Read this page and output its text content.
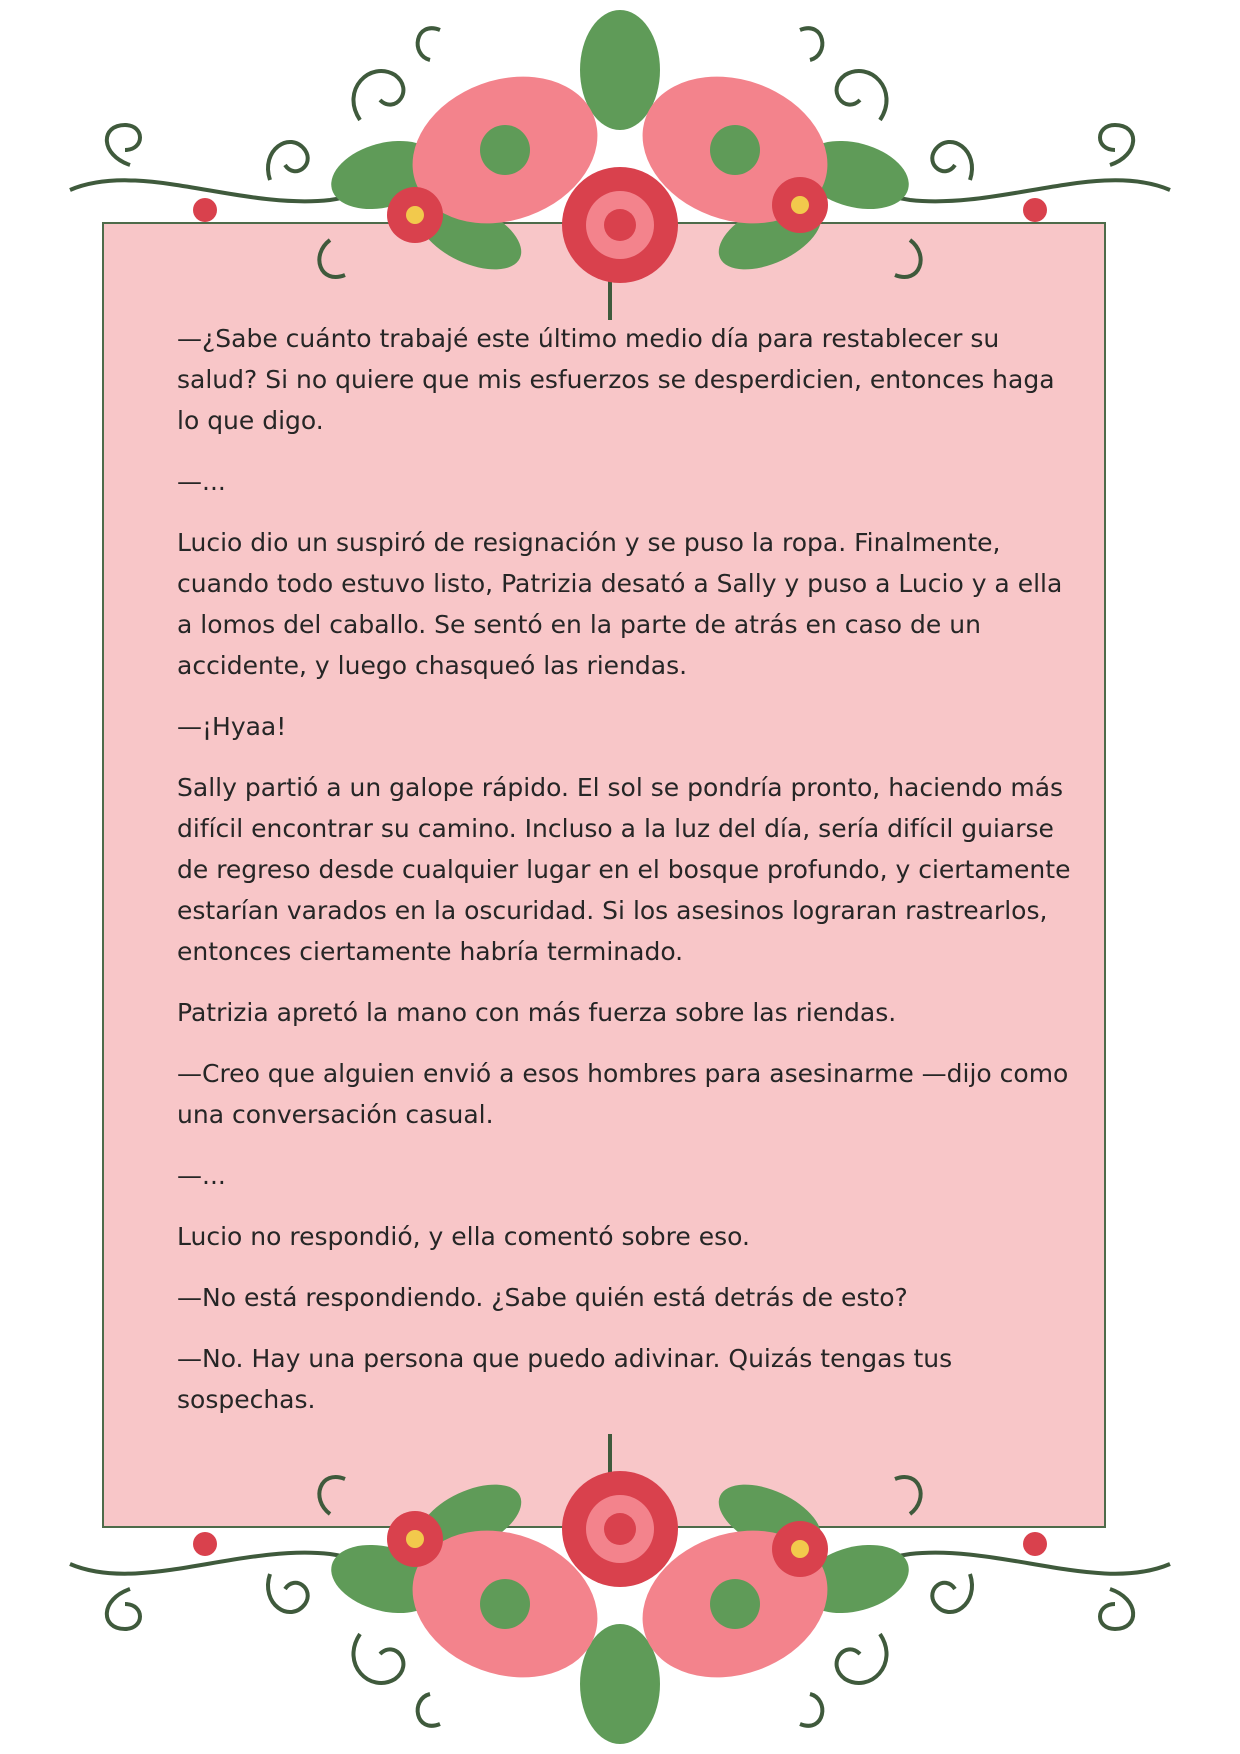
—¿Sabe cuánto trabajé este último medio día para restablecer su salud? Si no quiere que mis esfuerzos se desperdicien, entonces haga lo que digo.

—...

Lucio dio un suspiró de resignación y se puso la ropa. Finalmente, cuando todo estuvo listo, Patrizia desató a Sally y puso a Lucio y a ella a lomos del caballo. Se sentó en la parte de atrás en caso de un accidente, y luego chasqueó las riendas.

—¡Hyaa!

Sally partió a un galope rápido. El sol se pondría pronto, haciendo más difícil encontrar su camino. Incluso a la luz del día, sería difícil guiarse de regreso desde cualquier lugar en el bosque profundo, y ciertamente estarían varados en la oscuridad. Si los asesinos lograran rastrearlos, entonces ciertamente habría terminado.

Patrizia apretó la mano con más fuerza sobre las riendas.

—Creo que alguien envió a esos hombres para asesinarme —dijo como una conversación casual.

—...

Lucio no respondió, y ella comentó sobre eso.

—No está respondiendo. ¿Sabe quién está detrás de esto?

—No. Hay una persona que puedo adivinar. Quizás tengas tus sospechas.
